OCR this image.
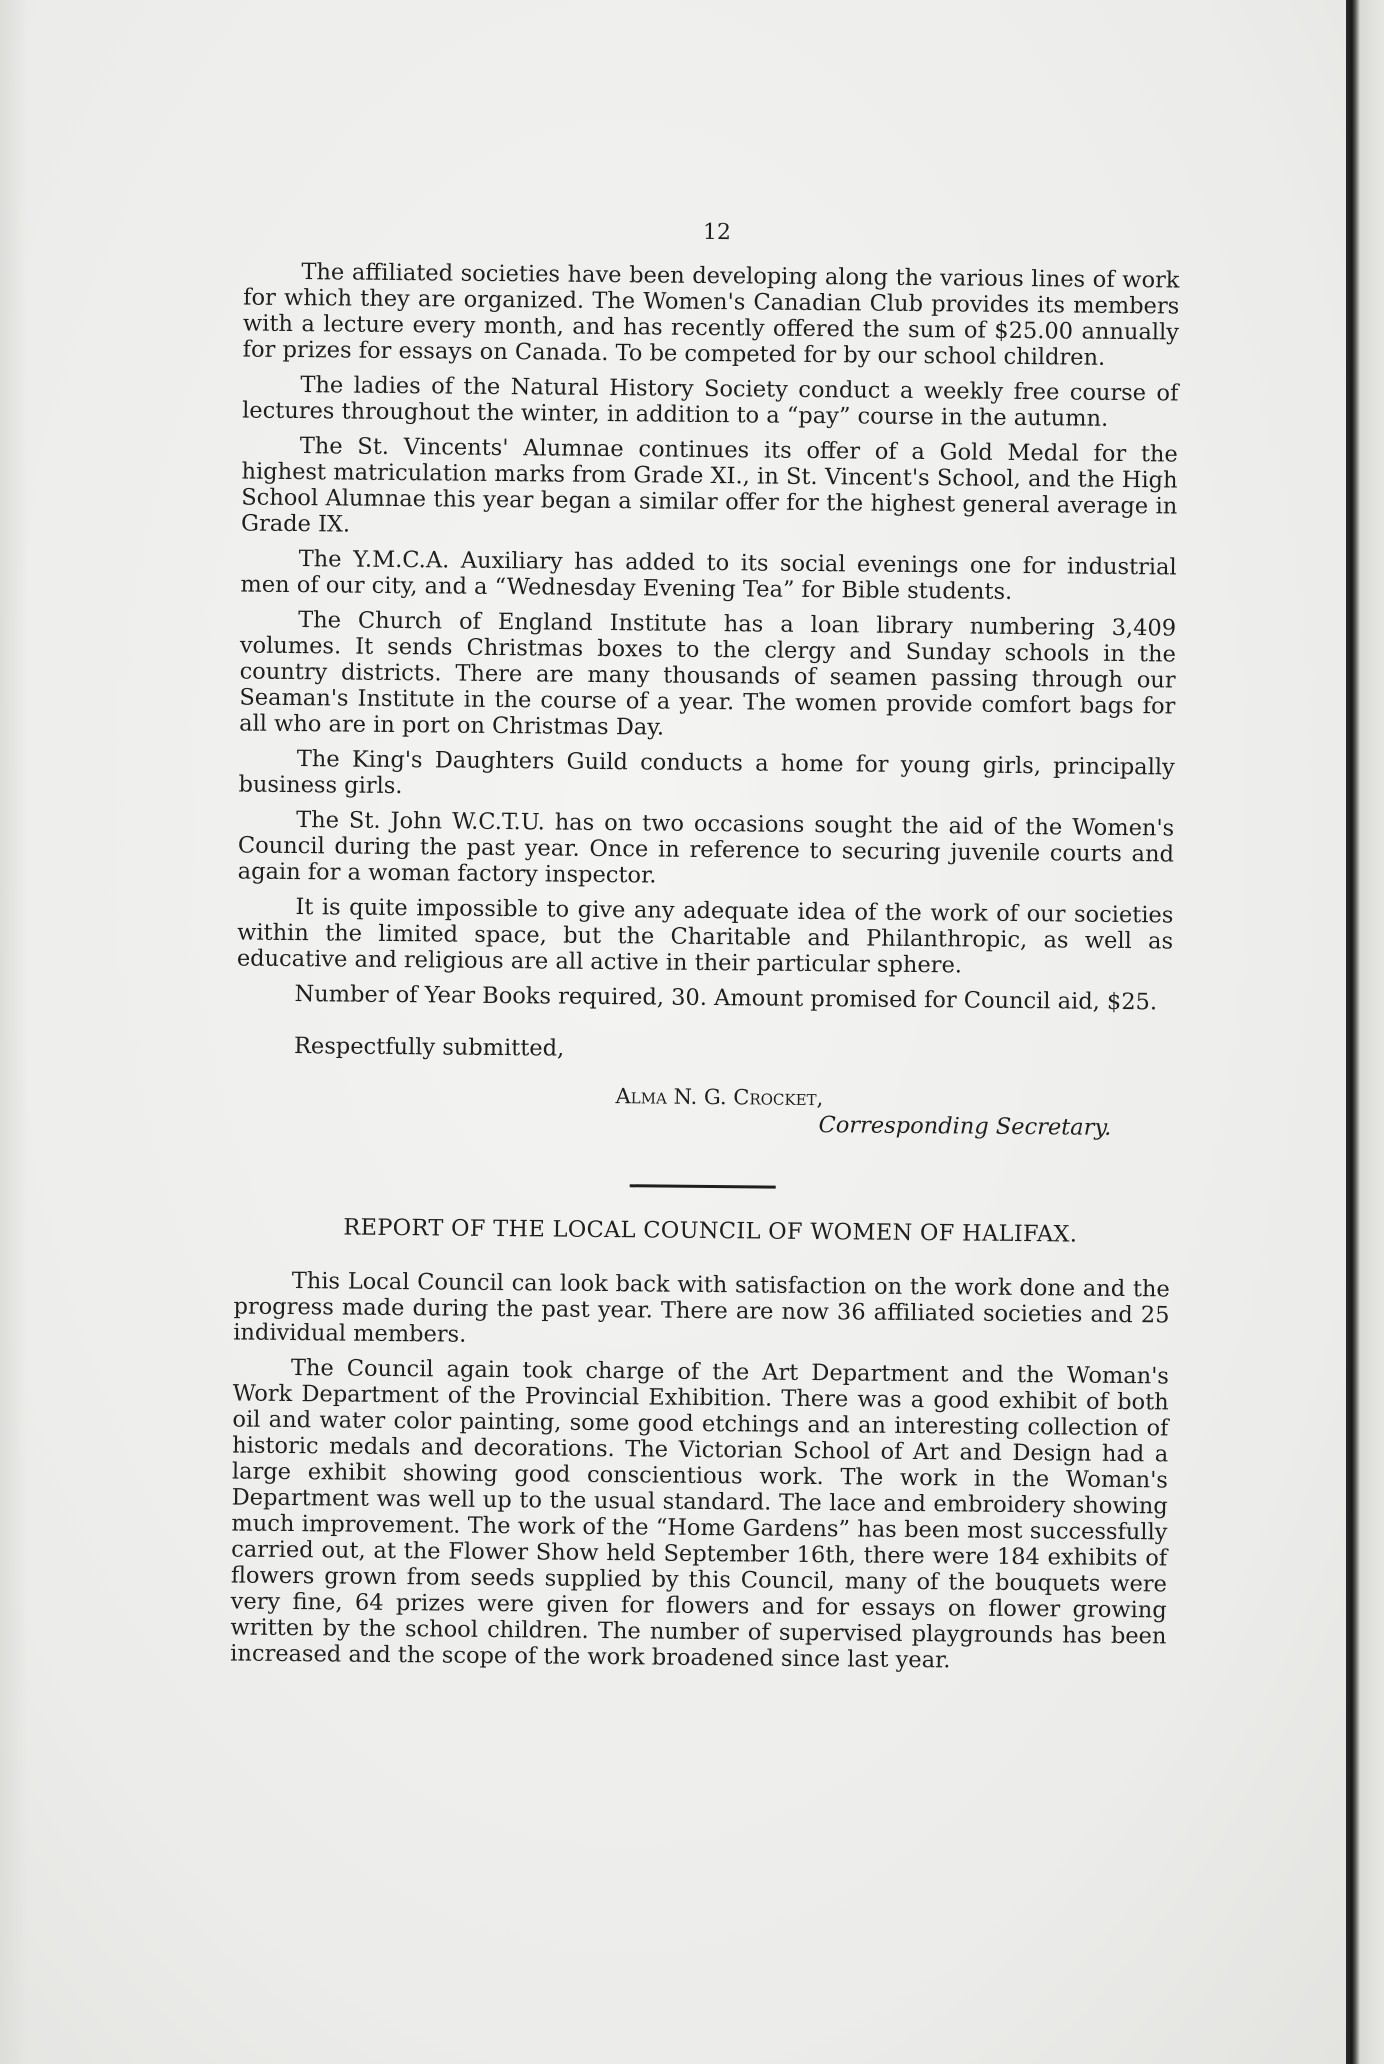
12

The affiliated societies have been developing along the various lines of work for which they are organized. The Women's Canadian Club provides its members with a lecture every month, and has recently offered the sum of $25.00 annually for prizes for essays on Canada. To be competed for by our school children.

The ladies of the Natural History Society conduct a weekly free course of lectures throughout the winter, in addition to a “pay” course in the autumn.

The St. Vincents' Alumnae continues its offer of a Gold Medal for the highest matriculation marks from Grade XI., in St. Vincent's School, and the High School Alumnae this year began a similar offer for the highest general average in Grade IX.

The Y.M.C.A. Auxiliary has added to its social evenings one for industrial men of our city, and a “Wednesday Evening Tea” for Bible students.

The Church of England Institute has a loan library numbering 3,409 volumes. It sends Christmas boxes to the clergy and Sunday schools in the country districts. There are many thousands of seamen passing through our Seaman's Institute in the course of a year. The women provide comfort bags for all who are in port on Christmas Day.

The King's Daughters Guild conducts a home for young girls, principally business girls.

The St. John W.C.T.U. has on two occasions sought the aid of the Women's Council during the past year. Once in reference to securing juvenile courts and again for a woman factory inspector.

It is quite impossible to give any adequate idea of the work of our societies within the limited space, but the Charitable and Philanthropic, as well as educative and religious are all active in their particular sphere.

Number of Year Books required, 30. Amount promised for Council aid, $25.

Respectfully submitted,

Alma N. G. Crocket,

Corresponding Secretary.

REPORT OF THE LOCAL COUNCIL OF WOMEN OF HALIFAX.

This Local Council can look back with satisfaction on the work done and the progress made during the past year. There are now 36 affiliated societies and 25 individual members.

The Council again took charge of the Art Department and the Woman's Work Department of the Provincial Exhibition. There was a good exhibit of both oil and water color painting, some good etchings and an interesting collection of historic medals and decorations. The Victorian School of Art and Design had a large exhibit showing good conscientious work. The work in the Woman's Department was well up to the usual standard. The lace and embroidery showing much improvement. The work of the “Home Gardens” has been most successfully carried out, at the Flower Show held September 16th, there were 184 exhibits of flowers grown from seeds supplied by this Council, many of the bouquets were very fine, 64 prizes were given for flowers and for essays on flower growing written by the school children. The number of supervised playgrounds has been increased and the scope of the work broadened since last year.
